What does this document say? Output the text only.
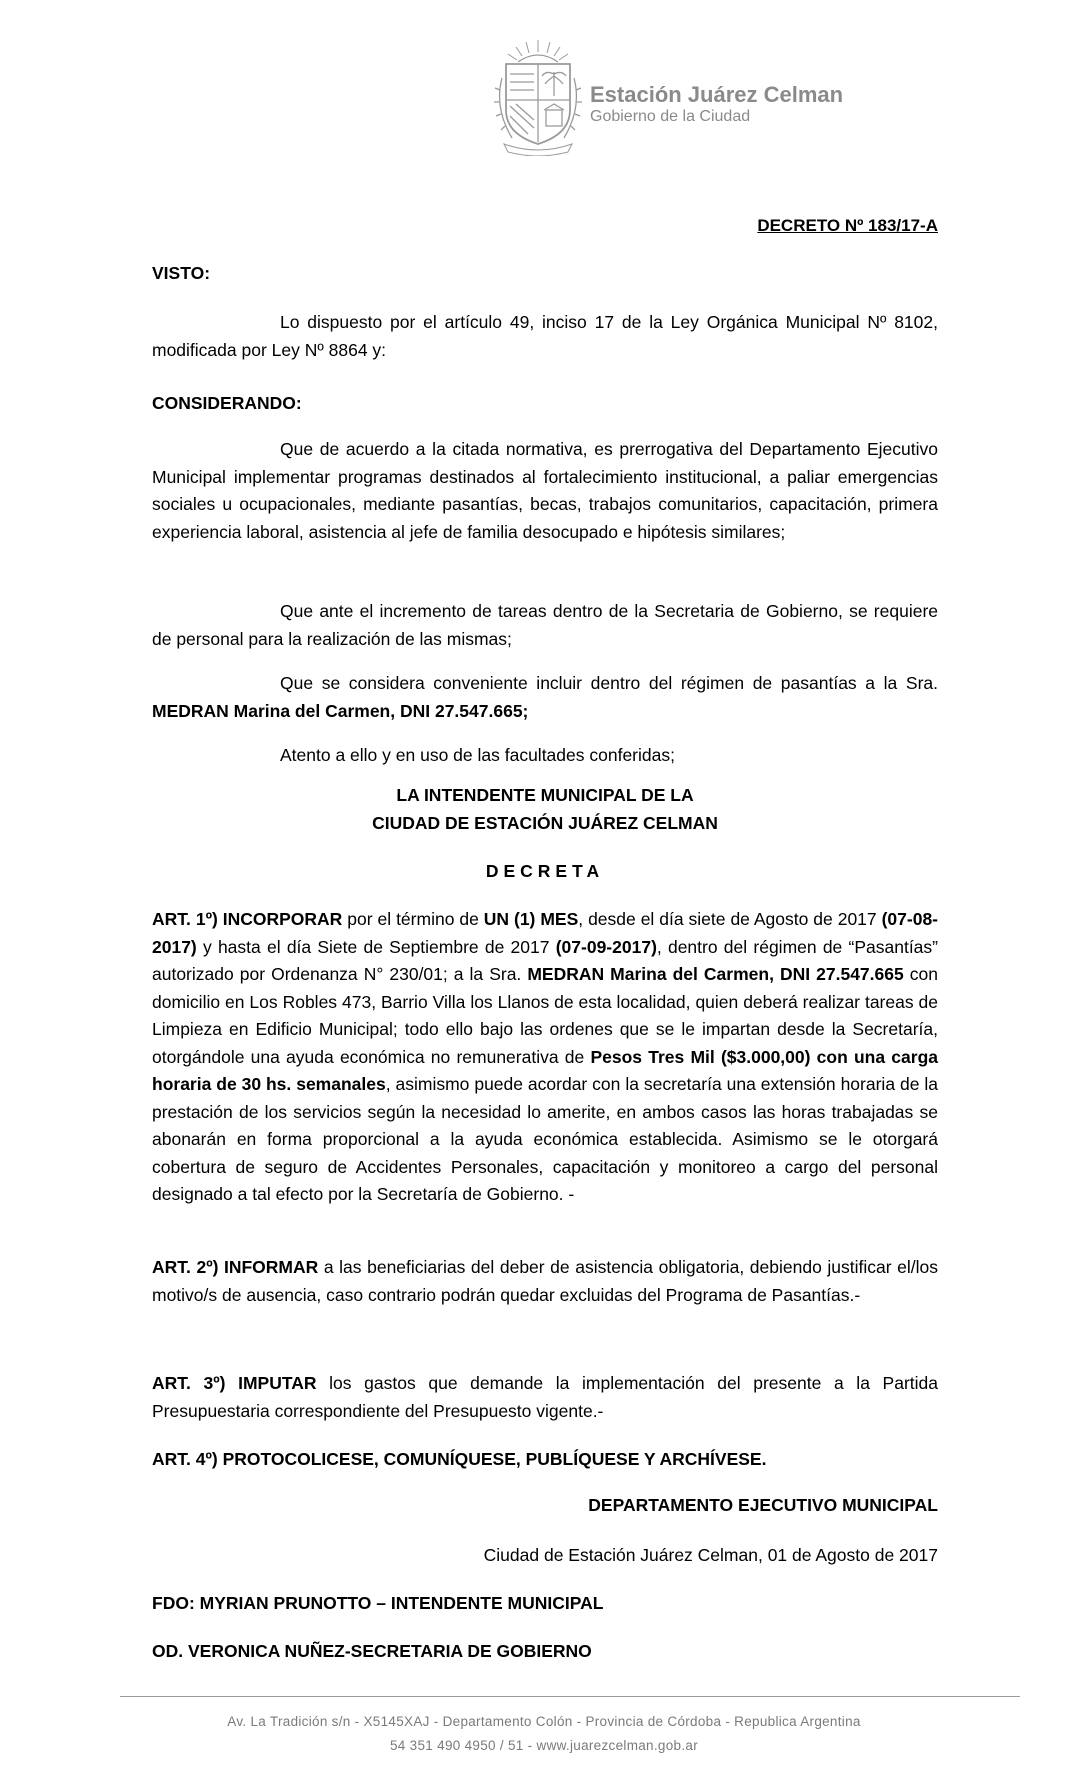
Estación Juárez Celman
Gobierno de la Ciudad
DECRETO Nº 183/17-A
VISTO:
Lo dispuesto por el artículo 49, inciso 17 de la Ley Orgánica Municipal Nº 8102, modificada por Ley Nº 8864 y:
CONSIDERANDO:
Que de acuerdo a la citada normativa, es prerrogativa del Departamento Ejecutivo Municipal implementar programas destinados al fortalecimiento institucional, a paliar emergencias sociales u ocupacionales, mediante pasantías, becas, trabajos comunitarios, capacitación, primera experiencia laboral, asistencia al jefe de familia desocupado e hipótesis similares;
Que ante el incremento de tareas dentro de la Secretaria de Gobierno, se requiere de personal para la realización de las mismas;
Que se considera conveniente incluir dentro del régimen de pasantías a la Sra. MEDRAN Marina del Carmen, DNI 27.547.665;
Atento a ello y en uso de las facultades conferidas;
LA INTENDENTE MUNICIPAL DE LA
CIUDAD DE ESTACIÓN JUÁREZ CELMAN
DECRETA
ART. 1º) INCORPORAR por el término de UN (1) MES, desde el día siete de Agosto de 2017 (07-08-2017) y hasta el día Siete de Septiembre de 2017 (07-09-2017), dentro del régimen de “Pasantías” autorizado por Ordenanza N° 230/01; a la Sra. MEDRAN Marina del Carmen, DNI 27.547.665 con domicilio en Los Robles 473, Barrio Villa los Llanos de esta localidad, quien deberá realizar tareas de Limpieza en Edificio Municipal; todo ello bajo las ordenes que se le impartan desde la Secretaría, otorgándole una ayuda económica no remunerativa de Pesos Tres Mil ($3.000,00) con una carga horaria de 30 hs. semanales, asimismo puede acordar con la secretaría una extensión horaria de la prestación de los servicios según la necesidad lo amerite, en ambos casos las horas trabajadas se abonarán en forma proporcional a la ayuda económica establecida. Asimismo se le otorgará cobertura de seguro de Accidentes Personales, capacitación y monitoreo a cargo del personal designado a tal efecto por la Secretaría de Gobierno. -
ART. 2º) INFORMAR a las beneficiarias del deber de asistencia obligatoria, debiendo justificar el/los motivo/s de ausencia, caso contrario podrán quedar excluidas del Programa de Pasantías.-
ART. 3º) IMPUTAR los gastos que demande la implementación del presente a la Partida Presupuestaria correspondiente del Presupuesto vigente.-
ART. 4º) PROTOCOLICESE, COMUNÍQUESE, PUBLÍQUESE Y ARCHÍVESE.
DEPARTAMENTO EJECUTIVO MUNICIPAL
Ciudad de Estación Juárez Celman, 01 de Agosto de 2017
FDO: MYRIAN PRUNOTTO – INTENDENTE MUNICIPAL
OD. VERONICA NUÑEZ-SECRETARIA DE GOBIERNO
Av. La Tradición s/n - X5145XAJ - Departamento Colón - Provincia de Córdoba - Republica Argentina
54 351 490 4950 / 51 - www.juarezcelman.gob.ar
